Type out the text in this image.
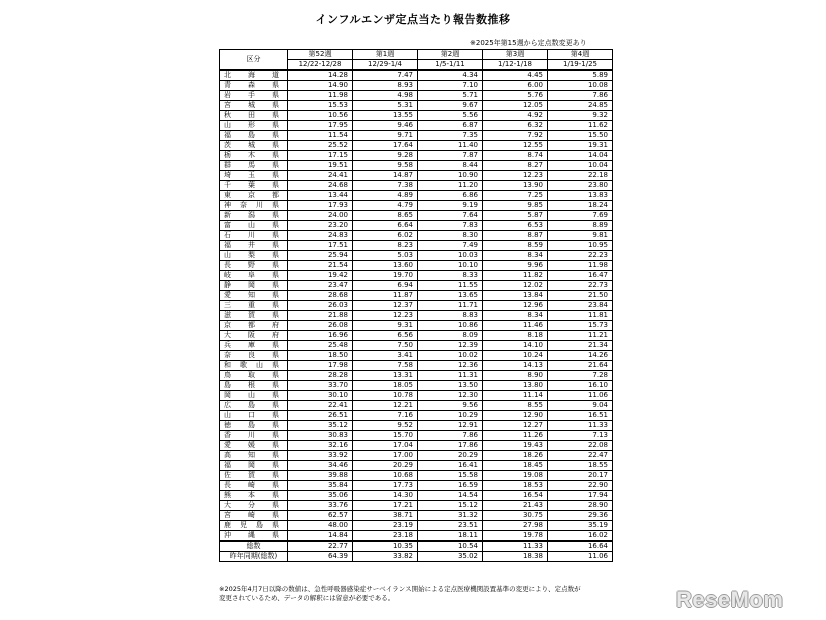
インフルエンザ定点当たり報告数推移
※2025年第15週から定点数変更あり
区分	第52週	第1週	第2週	第3週	第4週
	12/22-12/28	12/29-1/4	1/5-1/11	1/12-1/18	1/19-1/25
北海道	14.28	7.47	4.34	4.45	5.89
青森県	14.90	8.93	7.10	6.00	10.08
岩手県	11.98	4.98	5.71	5.76	7.86
宮城県	15.53	5.31	9.67	12.05	24.85
秋田県	10.56	13.55	5.56	4.92	9.32
山形県	17.95	9.46	6.87	6.32	11.62
福島県	11.54	9.71	7.35	7.92	15.50
茨城県	25.52	17.64	11.40	12.55	19.31
栃木県	17.15	9.28	7.87	8.74	14.04
群馬県	19.51	9.58	8.44	8.27	10.04
埼玉県	24.41	14.87	10.90	12.23	22.18
千葉県	24.68	7.38	11.20	13.90	23.80
東京都	13.44	4.89	6.86	7.25	13.83
神奈川県	17.93	4.79	9.19	9.85	18.24
新潟県	24.00	8.65	7.64	5.87	7.69
富山県	23.20	6.64	7.83	6.53	8.89
石川県	24.83	6.02	8.30	8.87	9.81
福井県	17.51	8.23	7.49	8.59	10.95
山梨県	25.94	5.03	10.03	8.34	22.23
長野県	21.54	13.60	10.10	9.96	11.98
岐阜県	19.42	19.70	8.33	11.82	16.47
静岡県	23.47	6.94	11.55	12.02	22.73
愛知県	28.68	11.87	13.65	13.84	21.50
三重県	26.03	12.37	11.71	12.96	23.84
滋賀県	21.88	12.23	8.83	8.34	11.81
京都府	26.08	9.31	10.86	11.46	15.73
大阪府	16.96	6.56	8.09	8.18	11.21
兵庫県	25.48	7.50	12.39	14.10	21.34
奈良県	18.50	3.41	10.02	10.24	14.26
和歌山県	17.98	7.58	12.36	14.13	21.64
鳥取県	28.28	13.31	11.31	8.90	7.28
島根県	33.70	18.05	13.50	13.80	16.10
岡山県	30.10	10.78	12.30	11.14	11.06
広島県	22.41	12.21	9.56	8.55	9.04
山口県	26.51	7.16	10.29	12.90	16.51
徳島県	35.12	9.52	12.91	12.27	11.33
香川県	30.83	15.70	7.86	11.26	7.13
愛媛県	32.16	17.04	17.86	19.43	22.08
高知県	33.92	17.00	20.29	18.26	22.47
福岡県	34.46	20.29	16.41	18.45	18.55
佐賀県	39.88	10.68	15.58	19.08	20.17
長崎県	35.84	17.73	16.59	18.53	22.90
熊本県	35.06	14.30	14.54	16.54	17.94
大分県	33.76	17.21	15.12	21.43	28.90
宮崎県	62.57	38.71	31.32	30.75	29.36
鹿児島県	48.00	23.19	23.51	27.98	35.19
沖縄県	14.84	23.18	18.11	19.78	16.02
総数	22.77	10.35	10.54	11.33	16.64
昨年同期(総数)	64.39	33.82	35.02	18.38	11.06
※2025年4月7日以降の数値は、急性呼吸器感染症サーベイランス開始による定点医療機関設置基準の変更により、定点数が
変更されているため、データの解釈には留意が必要である。	ReseMom
